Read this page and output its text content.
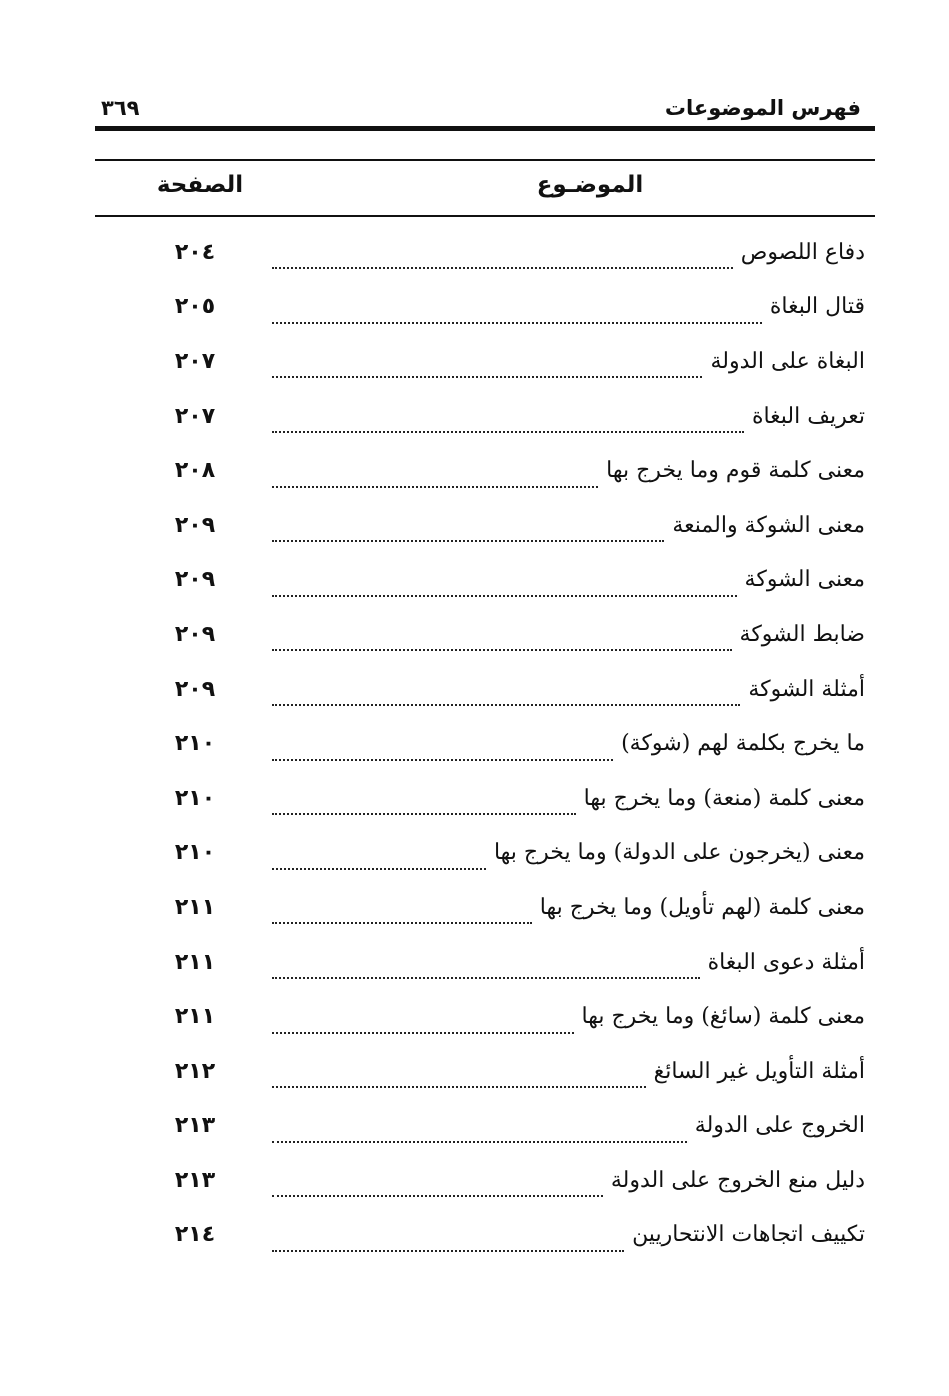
فهرس الموضوعات
٣٦٩
الموضـوع
الصفحة
دفاع اللصوص
٢٠٤
قتال البغاة
٢٠٥
البغاة على الدولة
٢٠٧
تعريف البغاة
٢٠٧
معنى كلمة قوم وما يخرج بها
٢٠٨
معنى الشوكة والمنعة
٢٠٩
معنى الشوكة
٢٠٩
ضابط الشوكة
٢٠٩
أمثلة الشوكة
٢٠٩
ما يخرج بكلمة لهم (شوكة)
٢١٠
معنى كلمة (منعة) وما يخرج بها
٢١٠
معنى (يخرجون على الدولة) وما يخرج بها
٢١٠
معنى كلمة (لهم تأويل) وما يخرج بها
٢١١
أمثلة دعوى البغاة
٢١١
معنى كلمة (سائغ) وما يخرج بها
٢١١
أمثلة التأويل غير السائغ
٢١٢
الخروج على الدولة
٢١٣
دليل منع الخروج على الدولة
٢١٣
تكييف اتجاهات الانتحاريين
٢١٤
